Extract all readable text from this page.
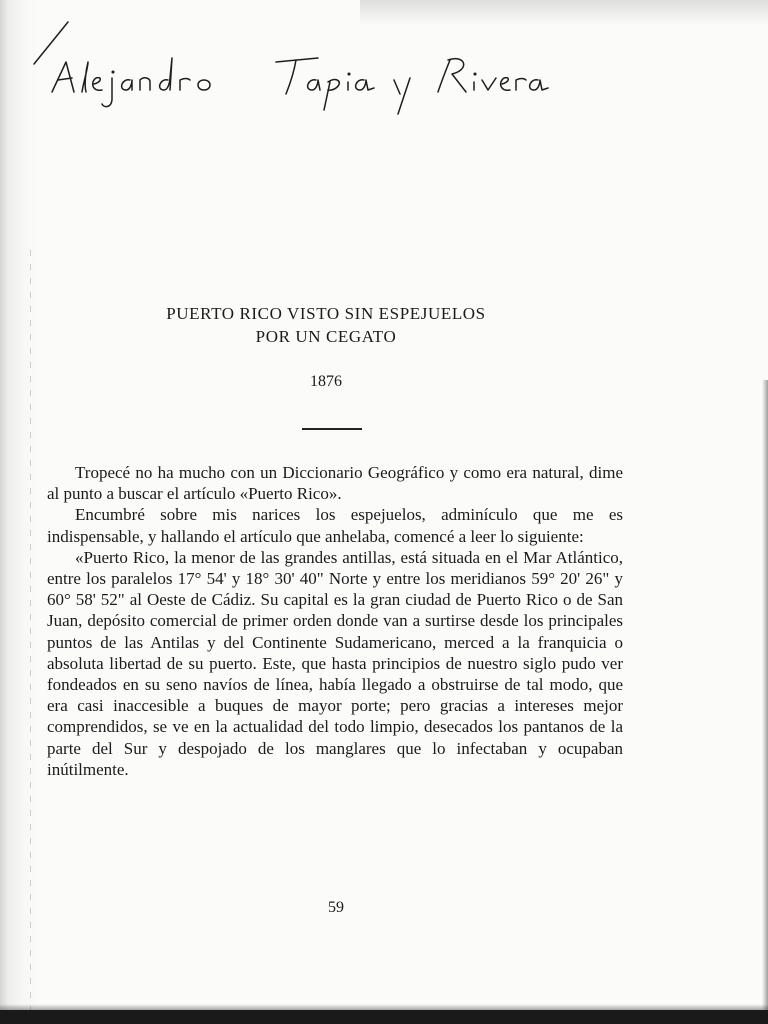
PUERTO RICO VISTO SIN ESPEJUELOS

POR UN CEGATO

1876

Tropecé no ha mucho con un Diccionario Geográfico y como era natural, dime al punto a buscar el artículo «Puerto Rico».

Encumbré sobre mis narices los espejuelos, adminículo que me es indispensable, y hallando el artículo que anhelaba, comencé a leer lo siguiente:

«Puerto Rico, la menor de las grandes antillas, está situada en el Mar Atlántico, entre los paralelos 17° 54' y 18° 30' 40" Norte y entre los meridianos 59° 20' 26" y 60° 58' 52" al Oeste de Cádiz. Su capital es la gran ciudad de Puerto Rico o de San Juan, depósito comercial de primer orden donde van a surtirse desde los principales puntos de las Antilas y del Continente Sudamericano, merced a la franquicia o absoluta libertad de su puerto. Este, que hasta principios de nuestro siglo pudo ver fondeados en su seno navíos de línea, había llegado a obstruirse de tal modo, que era casi inaccesible a buques de mayor porte; pero gracias a intereses mejor comprendidos, se ve en la actualidad del todo limpio, desecados los pantanos de la parte del Sur y despojado de los manglares que lo infectaban y ocupaban inútilmente.

59
